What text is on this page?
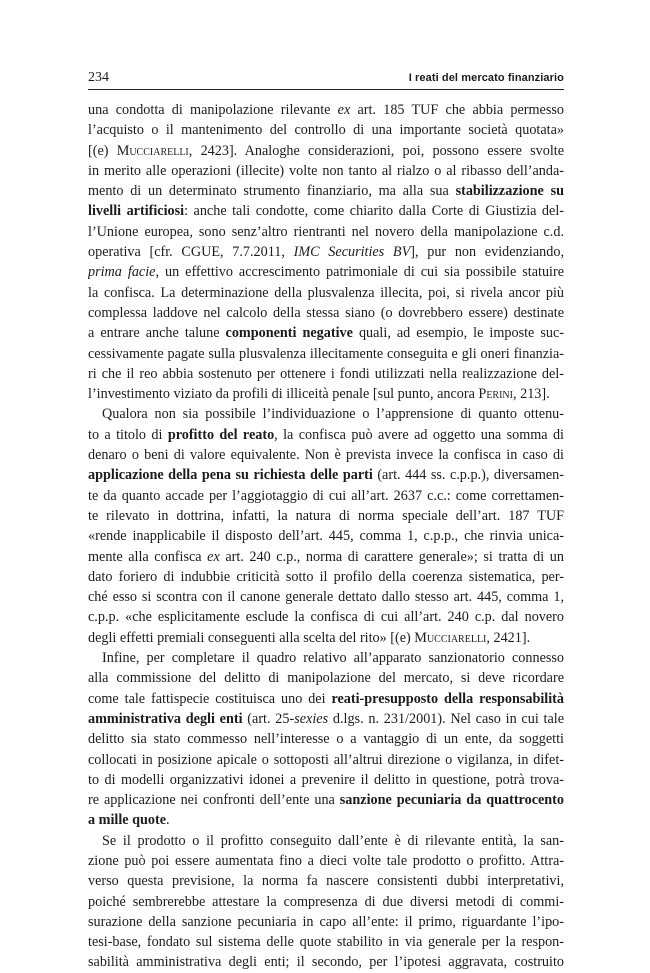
234	I reati del mercato finanziario
una condotta di manipolazione rilevante ex art. 185 TUF che abbia permesso
l’acquisto o il mantenimento del controllo di una importante società quotata»
[(e) Mucciarelli, 2423]. Analoghe considerazioni, poi, possono essere svolte
in merito alle operazioni (illecite) volte non tanto al rialzo o al ribasso dell’anda-
mento di un determinato strumento finanziario, ma alla sua stabilizzazione su
livelli artificiosi: anche tali condotte, come chiarito dalla Corte di Giustizia del-
l’Unione europea, sono senz’altro rientranti nel novero della manipolazione c.d.
operativa [cfr. CGUE, 7.7.2011, IMC Securities BV], pur non evidenziando,
prima facie, un effettivo accrescimento patrimoniale di cui sia possibile statuire
la confisca. La determinazione della plusvalenza illecita, poi, si rivela ancor più
complessa laddove nel calcolo della stessa siano (o dovrebbero essere) destinate
a entrare anche talune componenti negative quali, ad esempio, le imposte suc-
cessivamente pagate sulla plusvalenza illecitamente conseguita e gli oneri finanzia-
ri che il reo abbia sostenuto per ottenere i fondi utilizzati nella realizzazione del-
l’investimento viziato da profili di illiceità penale [sul punto, ancora Perini, 213].
Qualora non sia possibile l’individuazione o l’apprensione di quanto ottenu-
to a titolo di profitto del reato, la confisca può avere ad oggetto una somma di
denaro o beni di valore equivalente. Non è prevista invece la confisca in caso di
applicazione della pena su richiesta delle parti (art. 444 ss. c.p.p.), diversamen-
te da quanto accade per l’aggiotaggio di cui all’art. 2637 c.c.: come correttamen-
te rilevato in dottrina, infatti, la natura di norma speciale dell’art. 187 TUF
«rende inapplicabile il disposto dell’art. 445, comma 1, c.p.p., che rinvia unica-
mente alla confisca ex art. 240 c.p., norma di carattere generale»; si tratta di un
dato foriero di indubbie criticità sotto il profilo della coerenza sistematica, per-
ché esso si scontra con il canone generale dettato dallo stesso art. 445, comma 1,
c.p.p. «che esplicitamente esclude la confisca di cui all’art. 240 c.p. dal novero
degli effetti premiali conseguenti alla scelta del rito» [(e) Mucciarelli, 2421].
Infine, per completare il quadro relativo all’apparato sanzionatorio connesso
alla commissione del delitto di manipolazione del mercato, si deve ricordare
come tale fattispecie costituisca uno dei reati-presupposto della responsabilità
amministrativa degli enti (art. 25-sexies d.lgs. n. 231/2001). Nel caso in cui tale
delitto sia stato commesso nell’interesse o a vantaggio di un ente, da soggetti
collocati in posizione apicale o sottoposti all’altrui direzione o vigilanza, in difet-
to di modelli organizzativi idonei a prevenire il delitto in questione, potrà trova-
re applicazione nei confronti dell’ente una sanzione pecuniaria da quattrocento
a mille quote.
Se il prodotto o il profitto conseguito dall’ente è di rilevante entità, la san-
zione può poi essere aumentata fino a dieci volte tale prodotto o profitto. Attra-
verso questa previsione, la norma fa nascere consistenti dubbi interpretativi,
poiché sembrerebbe attestare la compresenza di due diversi metodi di commi-
surazione della sanzione pecuniaria in capo all’ente: il primo, riguardante l’ipo-
tesi-base, fondato sul sistema delle quote stabilito in via generale per la respon-
sabilità amministrativa degli enti; il secondo, per l’ipotesi aggravata, costruito
